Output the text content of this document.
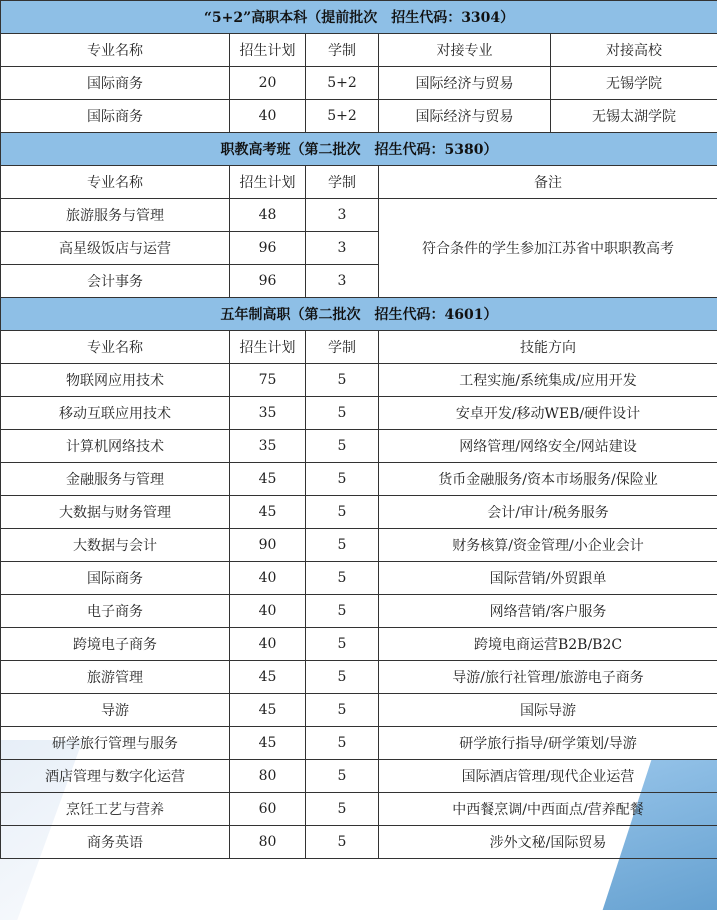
“5+2”高职本科（提前批次　招生代码：3304）				
专业名称	招生计划	学制	对接专业	对接高校
国际商务	20	5+2	国际经济与贸易	无锡学院
国际商务	40	5+2	国际经济与贸易	无锡太湖学院
职教高考班（第二批次　招生代码：5380）				
专业名称	招生计划	学制	备注	
旅游服务与管理	48	3	符合条件的学生参加江苏省中职职教高考	
高星级饭店与运营	96	3		
会计事务	96	3		
五年制高职（第二批次　招生代码：4601）				
专业名称	招生计划	学制	技能方向	
物联网应用技术	75	5	工程实施/系统集成/应用开发	
移动互联应用技术	35	5	安卓开发/移动WEB/硬件设计	
计算机网络技术	35	5	网络管理/网络安全/网站建设	
金融服务与管理	45	5	货币金融服务/资本市场服务/保险业	
大数据与财务管理	45	5	会计/审计/税务服务	
大数据与会计	90	5	财务核算/资金管理/小企业会计	
国际商务	40	5	国际营销/外贸跟单	
电子商务	40	5	网络营销/客户服务	
跨境电子商务	40	5	跨境电商运营B2B/B2C	
旅游管理	45	5	导游/旅行社管理/旅游电子商务	
导游	45	5	国际导游	
研学旅行管理与服务	45	5	研学旅行指导/研学策划/导游	
酒店管理与数字化运营	80	5	国际酒店管理/现代企业运营	
烹饪工艺与营养	60	5	中西餐烹调/中西面点/营养配餐	
商务英语	80	5	涉外文秘/国际贸易	
